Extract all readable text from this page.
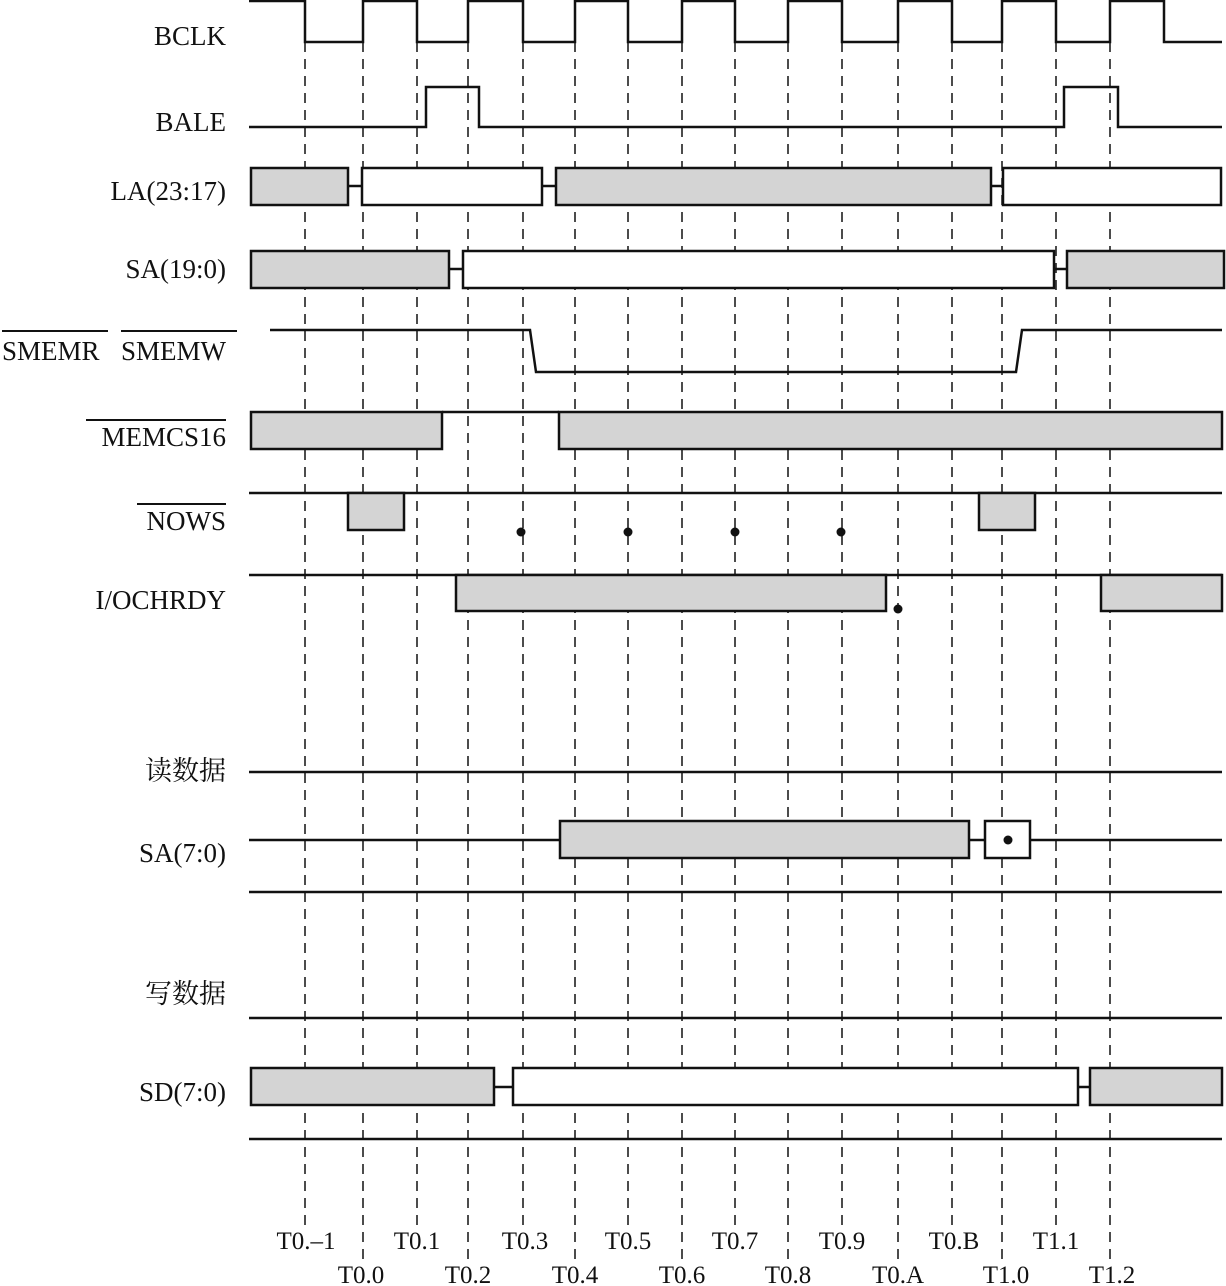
BCLK
BALE
LA(23:17)
SA(19:0)
SMEMR SMEMW
MEMCS16
NOWS
I/OCHRDY
读数据
SA(7:0)
写数据
SD(7:0)
T0.–1
T0.0
T0.1
T0.2
T0.3
T0.4
T0.5
T0.6
T0.7
T0.8
T0.9
T0.A
T0.B
T1.0
T1.1
T1.2
